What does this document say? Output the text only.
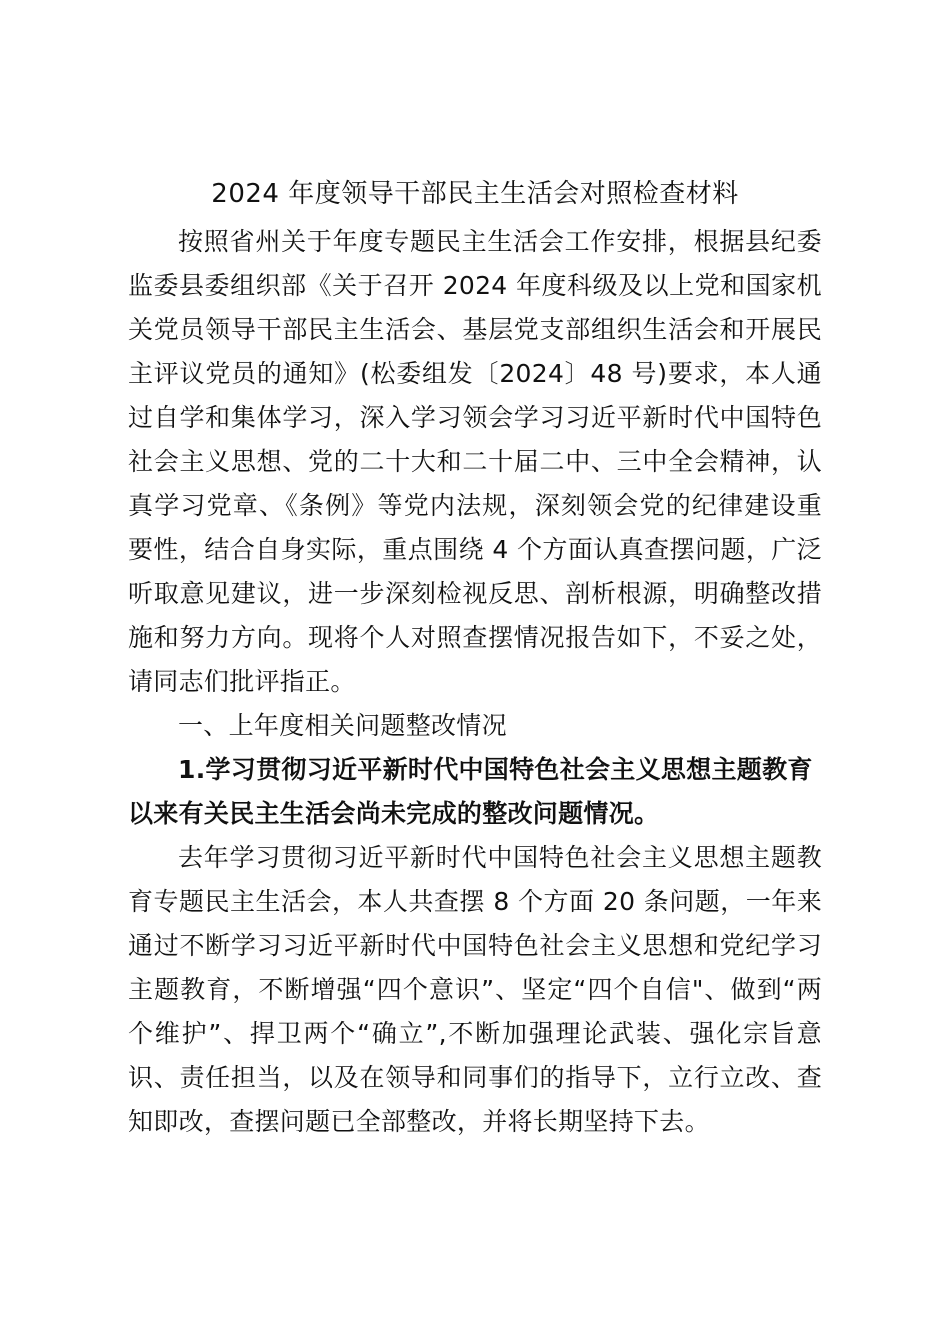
2024 年度领导干部民主生活会对照检查材料

按照省州关于年度专题民主生活会工作安排，根据县纪委监委县委组织部《关于召开 2024 年度科级及以上党和国家机关党员领导干部民主生活会、基层党支部组织生活会和开展民主评议党员的通知》(松委组发〔2024〕48 号)要求，本人通过自学和集体学习，深入学习领会学习习近平新时代中国特色社会主义思想、党的二十大和二十届二中、三中全会精神，认真学习党章、《条例》等党内法规，深刻领会党的纪律建设重要性，结合自身实际，重点围绕 4 个方面认真查摆问题，广泛听取意见建议，进一步深刻检视反思、剖析根源，明确整改措施和努力方向。现将个人对照查摆情况报告如下，不妥之处，请同志们批评指正。

一、上年度相关问题整改情况

1.学习贯彻习近平新时代中国特色社会主义思想主题教育以来有关民主生活会尚未完成的整改问题情况。

去年学习贯彻习近平新时代中国特色社会主义思想主题教育专题民主生活会，本人共查摆 8 个方面 20 条问题，一年来通过不断学习习近平新时代中国特色社会主义思想和党纪学习主题教育，不断增强“四个意识”、坚定“四个自信"、做到“两个维护”、捍卫两个“确立”,不断加强理论武装、强化宗旨意识、责任担当，以及在领导和同事们的指导下，立行立改、查知即改，查摆问题已全部整改，并将长期坚持下去。
